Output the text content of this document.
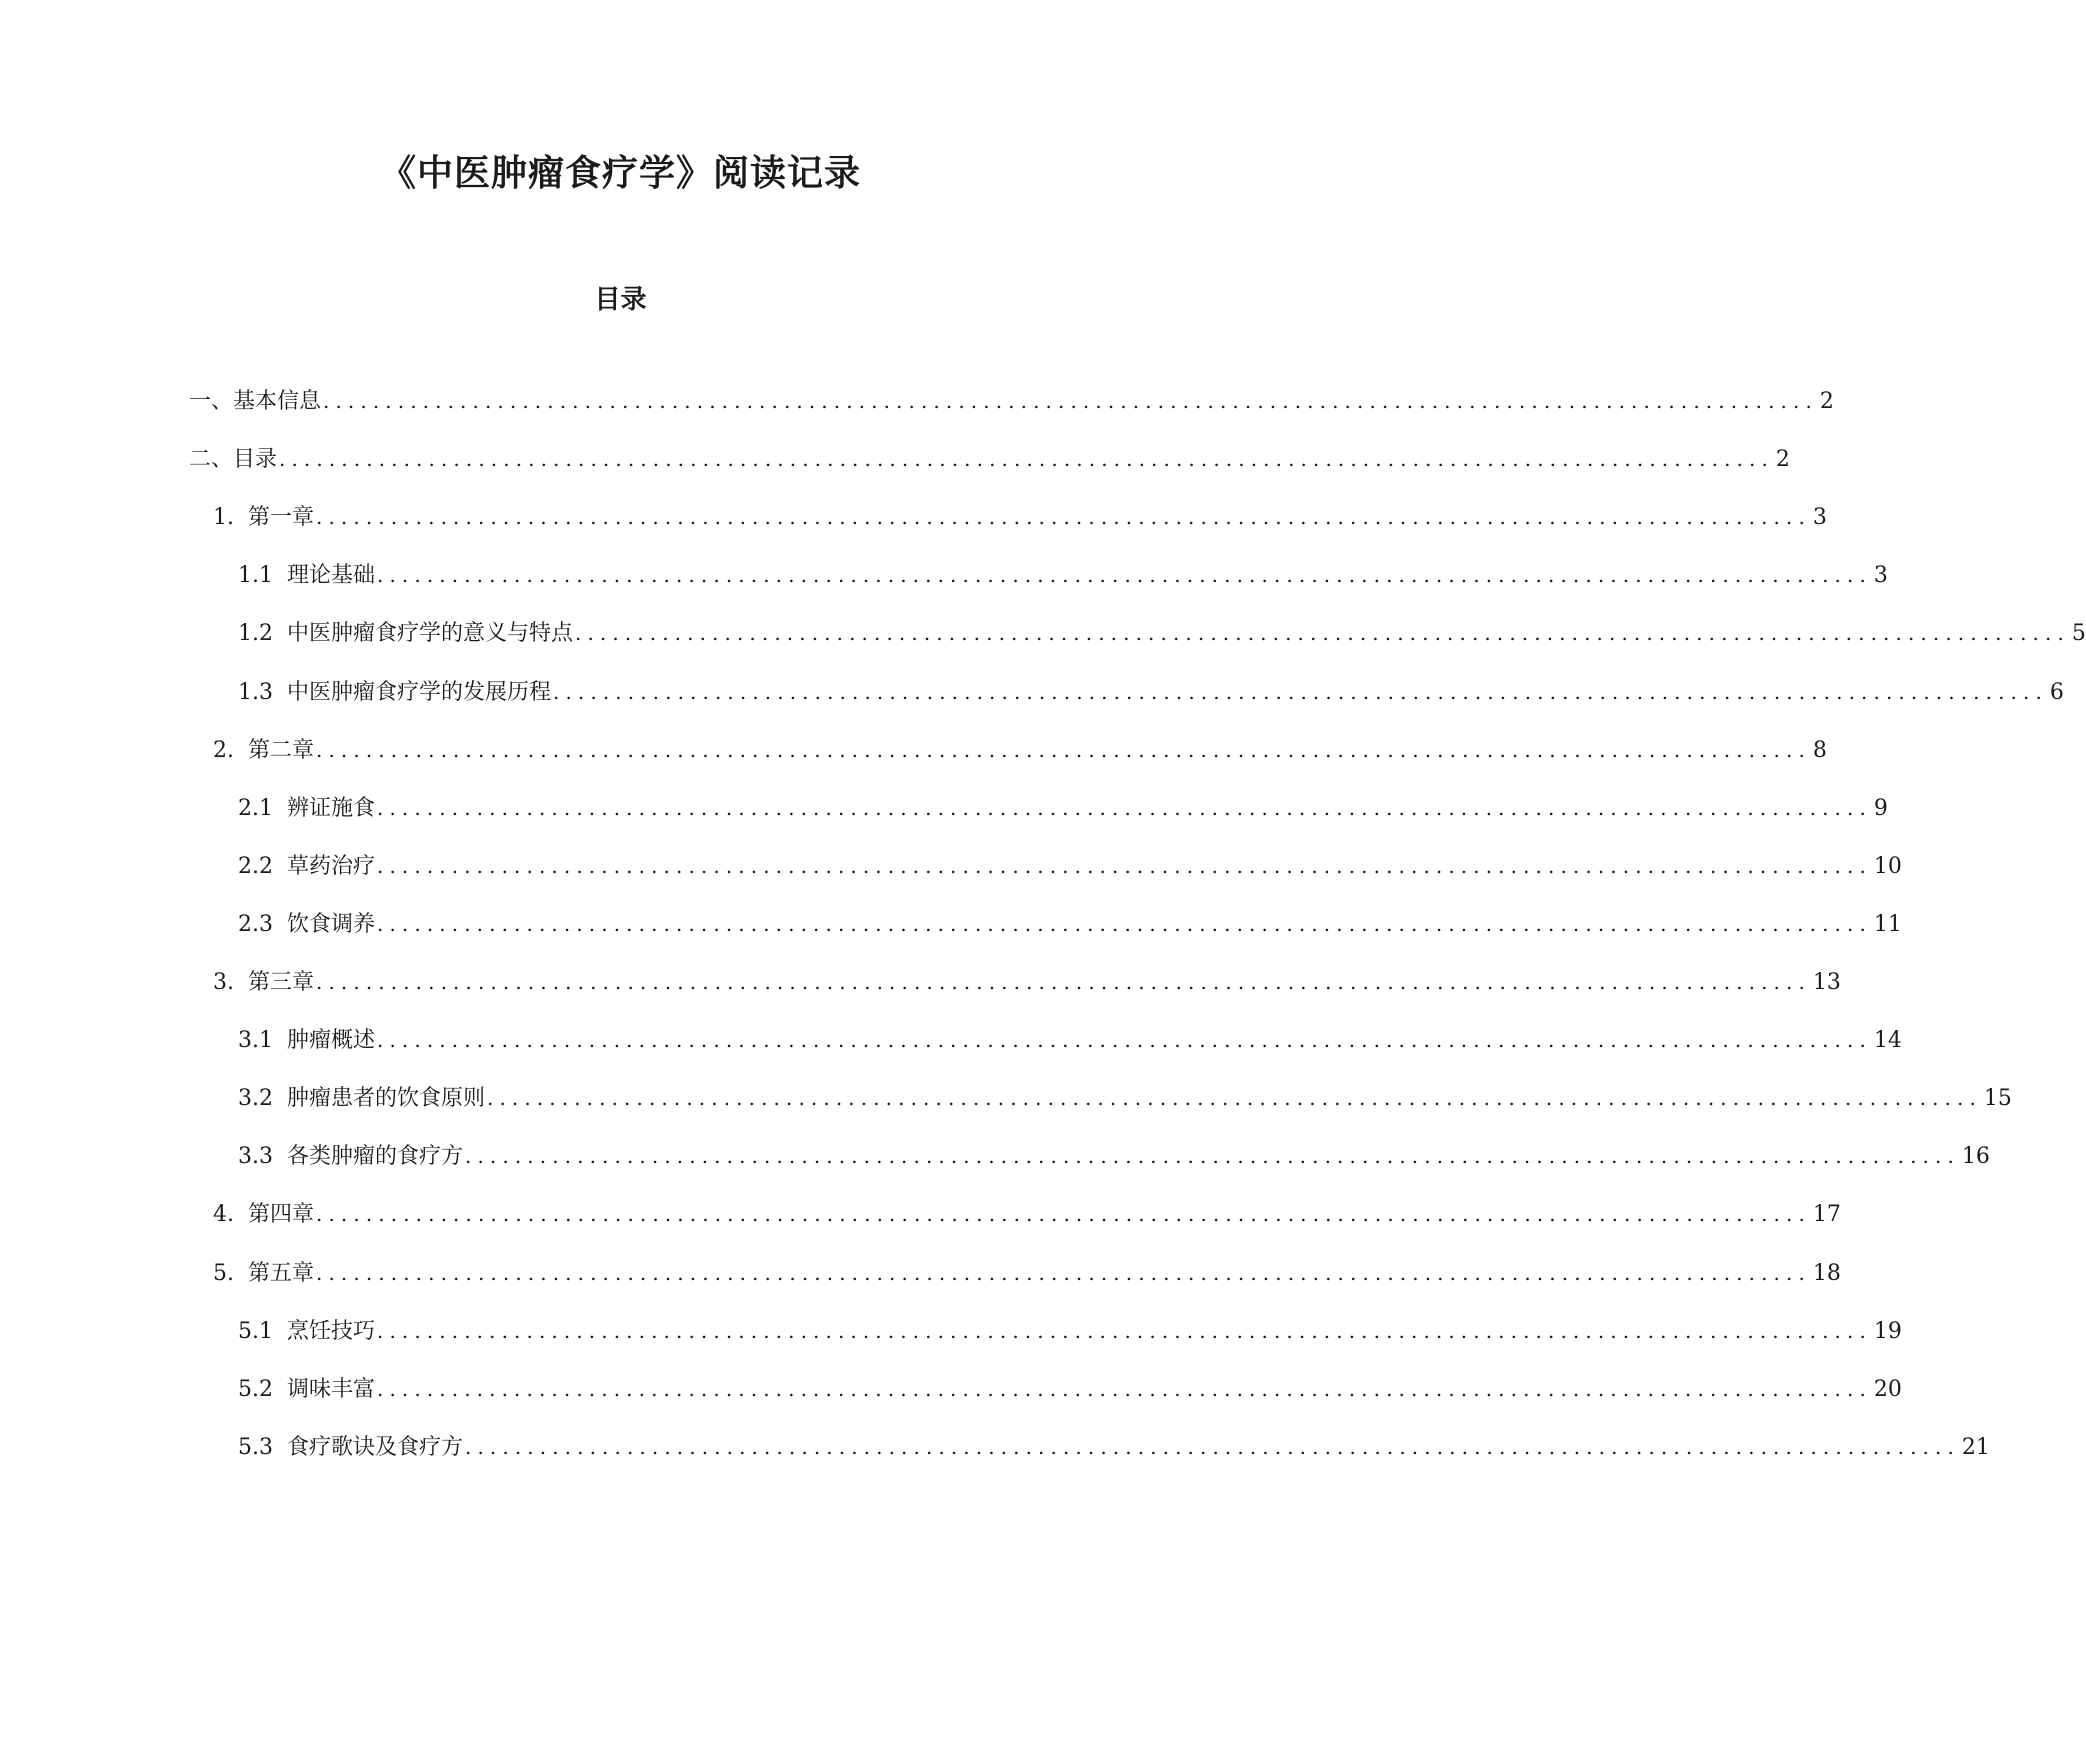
《中医肿瘤食疗学》阅读记录
目录
一、基本信息 ........................................................................................................................ 2
二、目录 ........................................................................................................................ 2
1. 第一章 ........................................................................................................................ 3
1.1 理论基础 ........................................................................................................................ 3
1.2 中医肿瘤食疗学的意义与特点 ........................................................................................................................ 5
1.3 中医肿瘤食疗学的发展历程 ........................................................................................................................ 6
2. 第二章 ........................................................................................................................ 8
2.1 辨证施食 ........................................................................................................................ 9
2.2 草药治疗 ........................................................................................................................ 10
2.3 饮食调养 ........................................................................................................................ 11
3. 第三章 ........................................................................................................................ 13
3.1 肿瘤概述 ........................................................................................................................ 14
3.2 肿瘤患者的饮食原则 ........................................................................................................................ 15
3.3 各类肿瘤的食疗方 ........................................................................................................................ 16
4. 第四章 ........................................................................................................................ 17
5. 第五章 ........................................................................................................................ 18
5.1 烹饪技巧 ........................................................................................................................ 19
5.2 调味丰富 ........................................................................................................................ 20
5.3 食疗歌诀及食疗方 ........................................................................................................................ 21
